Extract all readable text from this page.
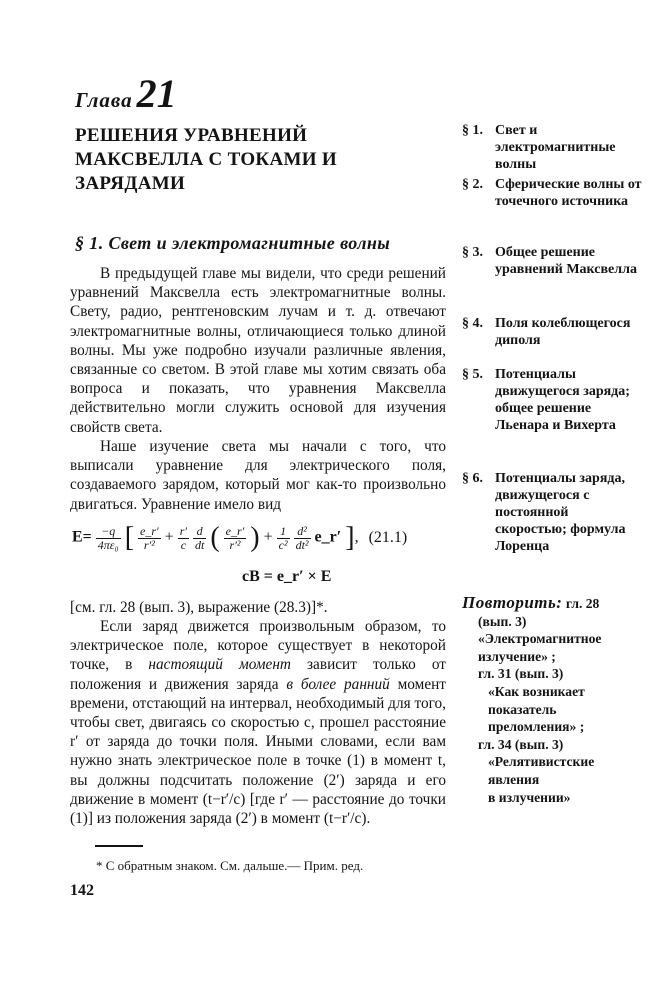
Глава 21
РЕШЕНИЯ УРАВНЕНИЙ МАКСВЕЛЛА С ТОКАМИ И ЗАРЯДАМИ
§ 1. Свет и электромагнитные волны

В предыдущей главе мы видели, что среди решений уравнений Максвелла есть электромагнитные волны. Свету, радио, рентгеновским лучам и т. д. отвечают электромагнитные волны, отличающиеся только длиной волны. Мы уже подробно изучали различные явления, связанные со светом. В этой главе мы хотим связать оба вопроса и показать, что уравнения Максвелла действительно могли служить основой для изучения свойств света.

Наше изучение света мы начали с того, что выписали уравнение для электрического поля, создаваемого зарядом, который мог как-то произвольно двигаться. Уравнение имело вид

$E= \frac{-q}{\text{4πε₀}}$ [ $\frac{e\_r'}{\text{r′²}} + \frac{r'}{c}$
$\frac{d}{dt}$ ( $\frac{e\_r'}{\text{r′²}}$ ) + $\frac{1}{\text{c²}}$
$\frac{\text{d²}}{\text{dt²}}$ e_r′ ], (21.1)
cB = e_r′ × E

[см. гл. 28 (вып. 3), выражение (28.3)]*.

Если заряд движется произвольным образом, то электрическое поле, которое существует в некоторой точке, в настоящий момент зависит только от положения и движения заряда в более ранний момент времени, отстающий на интервал, необходимый для того, чтобы свет, двигаясь со скоростью c, прошел расстояние r′ от заряда до точки поля. Иными словами, если вам нужно знать электрическое поле в точке (1) в момент t, вы должны подсчитать положение (2′) заряда и его движение в момент (t−r′/c) [где r′ — расстояние до точки (1)] из положения заряда (2′) в момент (t−r′/c).

* С обратным знаком. См. дальше.— Прим. ред.
142
§ 1. Свет и электромагнитные волны
§ 2. Сферические волны от точечного источника
§ 3. Общее решение уравнений Максвелла
§ 4. Поля колеблющегося диполя
§ 5. Потенциалы движущегося заряда; общее решение Льенара и Вихерта
§ 6. Потенциалы заряда, движущегося с постоянной скоростью; формула Лоренца
Повторить: гл. 28
(вып. 3) «Электромагнитное излучение» ;
гл. 31 (вып. 3)
«Как возникает показатель преломления» ;
гл. 34 (вып. 3)
«Релятивистские явления
в излучении»
